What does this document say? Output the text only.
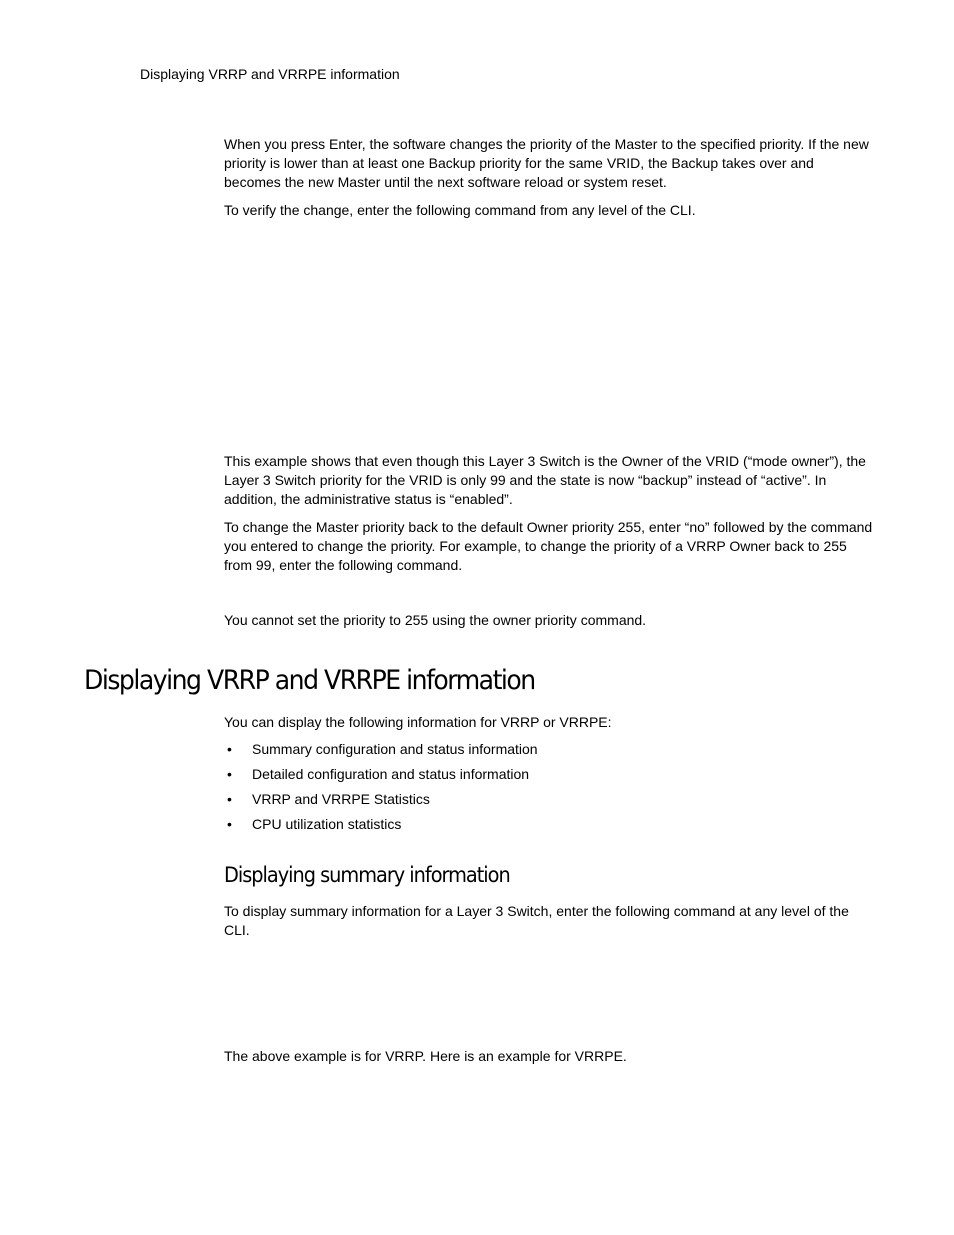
Displaying VRRP and VRRPE information

When you press Enter, the software changes the priority of the Master to the specified priority. If the new priority is lower than at least one Backup priority for the same VRID, the Backup takes over and becomes the new Master until the next software reload or system reset.

To verify the change, enter the following command from any level of the CLI.

This example shows that even though this Layer 3 Switch is the Owner of the VRID (“mode owner”), the Layer 3 Switch priority for the VRID is only 99 and the state is now “backup” instead of “active”. In addition, the administrative status is “enabled”.

To change the Master priority back to the default Owner priority 255, enter “no” followed by the command you entered to change the priority. For example, to change the priority of a VRRP Owner back to 255 from 99, enter the following command.

You cannot set the priority to 255 using the owner priority command.

Displaying VRRP and VRRPE information

You can display the following information for VRRP or VRRPE:

• Summary configuration and status information
• Detailed configuration and status information
• VRRP and VRRPE Statistics
• CPU utilization statistics
Displaying summary information

To display summary information for a Layer 3 Switch, enter the following command at any level of the CLI.

The above example is for VRRP. Here is an example for VRRPE.
